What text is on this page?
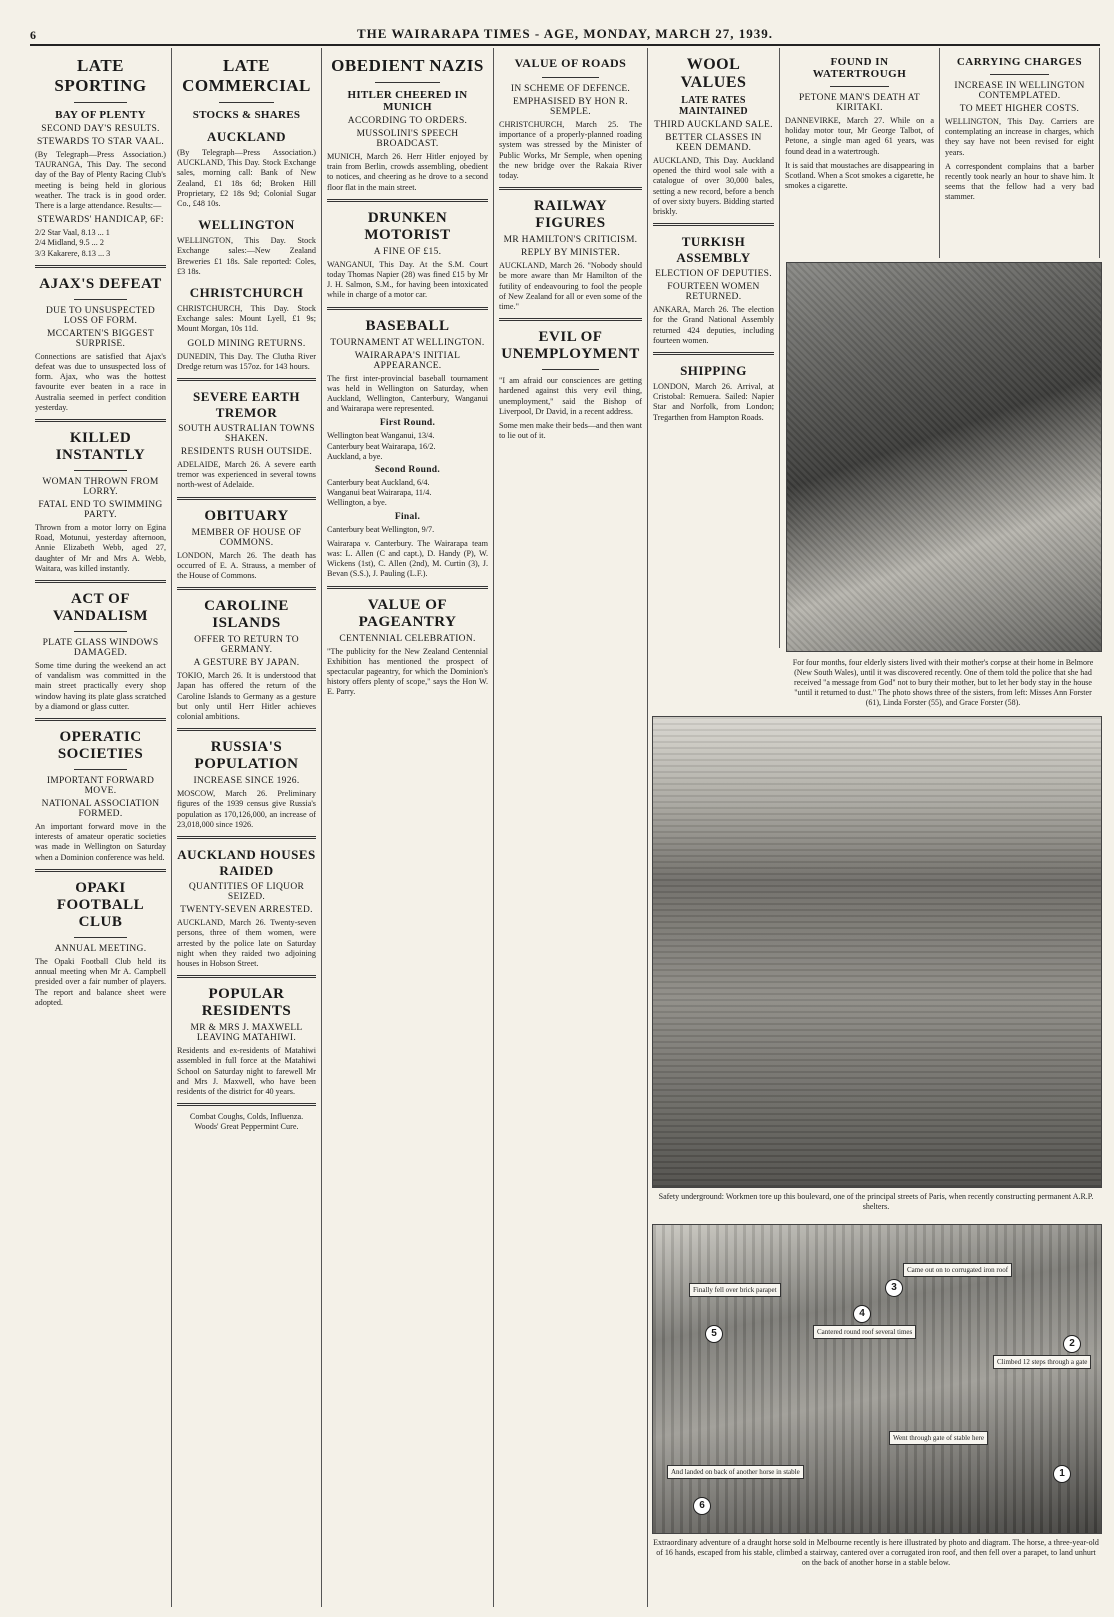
6	THE WAIRARAPA TIMES - AGE, MONDAY, MARCH 27, 1939.
LATE SPORTING
BAY OF PLENTY
SECOND DAY'S RESULTS.
STEWARDS TO STAR VAAL.

(By Telegraph—Press Association.) TAURANGA, This Day. The second day of the Bay of Plenty Racing Club's meeting is being held in glorious weather. The track is in good order. There is a large attendance. Results:—

STEWARDS' HANDICAP, 6F:
2/2 Star Vaal, 8.13 ... 1
2/4 Midland, 9.5 ... 2
3/3 Kakarere, 8.13 ... 3
AJAX'S DEFEAT
DUE TO UNSUSPECTED LOSS OF FORM.
MCCARTEN'S BIGGEST SURPRISE.

Connections are satisfied that Ajax's defeat was due to unsuspected loss of form. Ajax, who was the hottest favourite ever beaten in a race in Australia seemed in perfect condition yesterday.

KILLED INSTANTLY
WOMAN THROWN FROM LORRY.
FATAL END TO SWIMMING PARTY.

Thrown from a motor lorry on Egina Road, Motunui, yesterday afternoon, Annie Elizabeth Webb, aged 27, daughter of Mr and Mrs A. Webb, Waitara, was killed instantly.

ACT OF VANDALISM
PLATE GLASS WINDOWS DAMAGED.

Some time during the weekend an act of vandalism was committed in the main street practically every shop window having its plate glass scratched by a diamond or glass cutter.

OPERATIC SOCIETIES
IMPORTANT FORWARD MOVE.
NATIONAL ASSOCIATION FORMED.

An important forward move in the interests of amateur operatic societies was made in Wellington on Saturday when a Dominion conference was held.

OPAKI FOOTBALL CLUB
ANNUAL MEETING.

The Opaki Football Club held its annual meeting when Mr A. Campbell presided over a fair number of players. The report and balance sheet were adopted.

LATE COMMERCIAL
STOCKS & SHARES
AUCKLAND

(By Telegraph—Press Association.) AUCKLAND, This Day. Stock Exchange sales, morning call: Bank of New Zealand, £1 18s 6d; Broken Hill Proprietary, £2 18s 9d; Colonial Sugar Co., £48 10s.

WELLINGTON

WELLINGTON, This Day. Stock Exchange sales:—New Zealand Breweries £1 18s. Sale reported: Coles, £3 18s.

CHRISTCHURCH

CHRISTCHURCH, This Day. Stock Exchange sales: Mount Lyell, £1 9s; Mount Morgan, 10s 11d.

GOLD MINING RETURNS.

DUNEDIN, This Day. The Clutha River Dredge return was 157oz. for 143 hours.

SEVERE EARTH TREMOR
SOUTH AUSTRALIAN TOWNS SHAKEN.
RESIDENTS RUSH OUTSIDE.

ADELAIDE, March 26. A severe earth tremor was experienced in several towns north-west of Adelaide.

OBITUARY
MEMBER OF HOUSE OF COMMONS.

LONDON, March 26. The death has occurred of E. A. Strauss, a member of the House of Commons.

CAROLINE ISLANDS
OFFER TO RETURN TO GERMANY.
A GESTURE BY JAPAN.

TOKIO, March 26. It is understood that Japan has offered the return of the Caroline Islands to Germany as a gesture but only until Herr Hitler achieves colonial ambitions.

RUSSIA'S POPULATION
INCREASE SINCE 1926.

MOSCOW, March 26. Preliminary figures of the 1939 census give Russia's population as 170,126,000, an increase of 23,018,000 since 1926.

AUCKLAND HOUSES RAIDED
QUANTITIES OF LIQUOR SEIZED.
TWENTY-SEVEN ARRESTED.

AUCKLAND, March 26. Twenty-seven persons, three of them women, were arrested by the police late on Saturday night when they raided two adjoining houses in Hobson Street.

POPULAR RESIDENTS
MR & MRS J. MAXWELL LEAVING MATAHIWI.

Residents and ex-residents of Matahiwi assembled in full force at the Matahiwi School on Saturday night to farewell Mr and Mrs J. Maxwell, who have been residents of the district for 40 years.

Combat Coughs, Colds, Influenza. Woods' Great Peppermint Cure.

OBEDIENT NAZIS
HITLER CHEERED IN MUNICH
ACCORDING TO ORDERS.
MUSSOLINI'S SPEECH BROADCAST.

MUNICH, March 26. Herr Hitler enjoyed by train from Berlin, crowds assembling, obedient to notices, and cheering as he drove to a second floor flat in the main street.

DRUNKEN MOTORIST
A FINE OF £15.

WANGANUI, This Day. At the S.M. Court today Thomas Napier (28) was fined £15 by Mr J. H. Salmon, S.M., for having been intoxicated while in charge of a motor car.

BASEBALL
TOURNAMENT AT WELLINGTON.
WAIRARAPA'S INITIAL APPEARANCE.

The first inter-provincial baseball tournament was held in Wellington on Saturday, when Auckland, Wellington, Canterbury, Wanganui and Wairarapa were represented.

First Round.
Wellington beat Wanganui, 13/4.
Canterbury beat Wairarapa, 16/2.
Auckland, a bye.
Second Round.
Canterbury beat Auckland, 6/4.
Wanganui beat Wairarapa, 11/4.
Wellington, a bye.
Final.
Canterbury beat Wellington, 9/7.

Wairarapa v. Canterbury. The Wairarapa team was: L. Allen (C and capt.), D. Handy (P), W. Wickens (1st), C. Allen (2nd), M. Curtin (3), J. Bevan (S.S.), J. Pauling (L.F.).

VALUE OF PAGEANTRY
CENTENNIAL CELEBRATION.

"The publicity for the New Zealand Centennial Exhibition has mentioned the prospect of spectacular pageantry, for which the Dominion's history offers plenty of scope," says the Hon W. E. Parry.

VALUE OF ROADS
IN SCHEME OF DEFENCE.
EMPHASISED BY HON R. SEMPLE.

CHRISTCHURCH, March 25. The importance of a properly-planned roading system was stressed by the Minister of Public Works, Mr Semple, when opening the new bridge over the Rakaia River today.

RAILWAY FIGURES
MR HAMILTON'S CRITICISM.
REPLY BY MINISTER.

AUCKLAND, March 26. "Nobody should be more aware than Mr Hamilton of the futility of endeavouring to fool the people of New Zealand for all or even some of the time."

EVIL OF UNEMPLOYMENT

"I am afraid our consciences are getting hardened against this very evil thing, unemployment," said the Bishop of Liverpool, Dr David, in a recent address.

Some men make their beds—and then want to lie out of it.

WOOL VALUES
LATE RATES MAINTAINED
THIRD AUCKLAND SALE.
BETTER CLASSES IN KEEN DEMAND.

AUCKLAND, This Day. Auckland opened the third wool sale with a catalogue of over 30,000 bales, setting a new record, before a bench of over sixty buyers. Bidding started briskly.

TURKISH ASSEMBLY
ELECTION OF DEPUTIES.
FOURTEEN WOMEN RETURNED.

ANKARA, March 26. The election for the Grand National Assembly returned 424 deputies, including fourteen women.

SHIPPING

LONDON, March 26. Arrival, at Cristobal: Remuera. Sailed: Napier Star and Norfolk, from London; Tregarthen from Hampton Roads.

FOUND IN WATERTROUGH
PETONE MAN'S DEATH AT KIRITAKI.

DANNEVIRKE, March 27. While on a holiday motor tour, Mr George Talbot, of Petone, a single man aged 61 years, was found dead in a watertrough.

It is said that moustaches are disappearing in Scotland. When a Scot smokes a cigarette, he smokes a cigarette.

CARRYING CHARGES
INCREASE IN WELLINGTON CONTEMPLATED.
TO MEET HIGHER COSTS.

WELLINGTON, This Day. Carriers are contemplating an increase in charges, which they say have not been revised for eight years.

A correspondent complains that a barber recently took nearly an hour to shave him. It seems that the fellow had a very bad stammer.

For four months, four elderly sisters lived with their mother's corpse at their home in Belmore (New South Wales), until it was discovered recently. One of them told the police that she had received "a message from God" not to bury their mother, but to let her body stay in the house "until it returned to dust." The photo shows three of the sisters, from left: Misses Ann Forster (61), Linda Forster (55), and Grace Forster (58).
Safety underground: Workmen tore up this boulevard, one of the principal streets of Paris, when recently constructing permanent A.R.P. shelters.
Finally fell over brick parapet
Came out on to corrugated iron roof
Cantered round roof several times
Climbed 12 steps through a gate
Went through gate of stable here
And landed on back of another horse in stable	1
2
3
4
5
6
Extraordinary adventure of a draught horse sold in Melbourne recently is here illustrated by photo and diagram. The horse, a three-year-old of 16 hands, escaped from his stable, climbed a stairway, cantered over a corrugated iron roof, and then fell over a parapet, to land unhurt on the back of another horse in a stable below.
